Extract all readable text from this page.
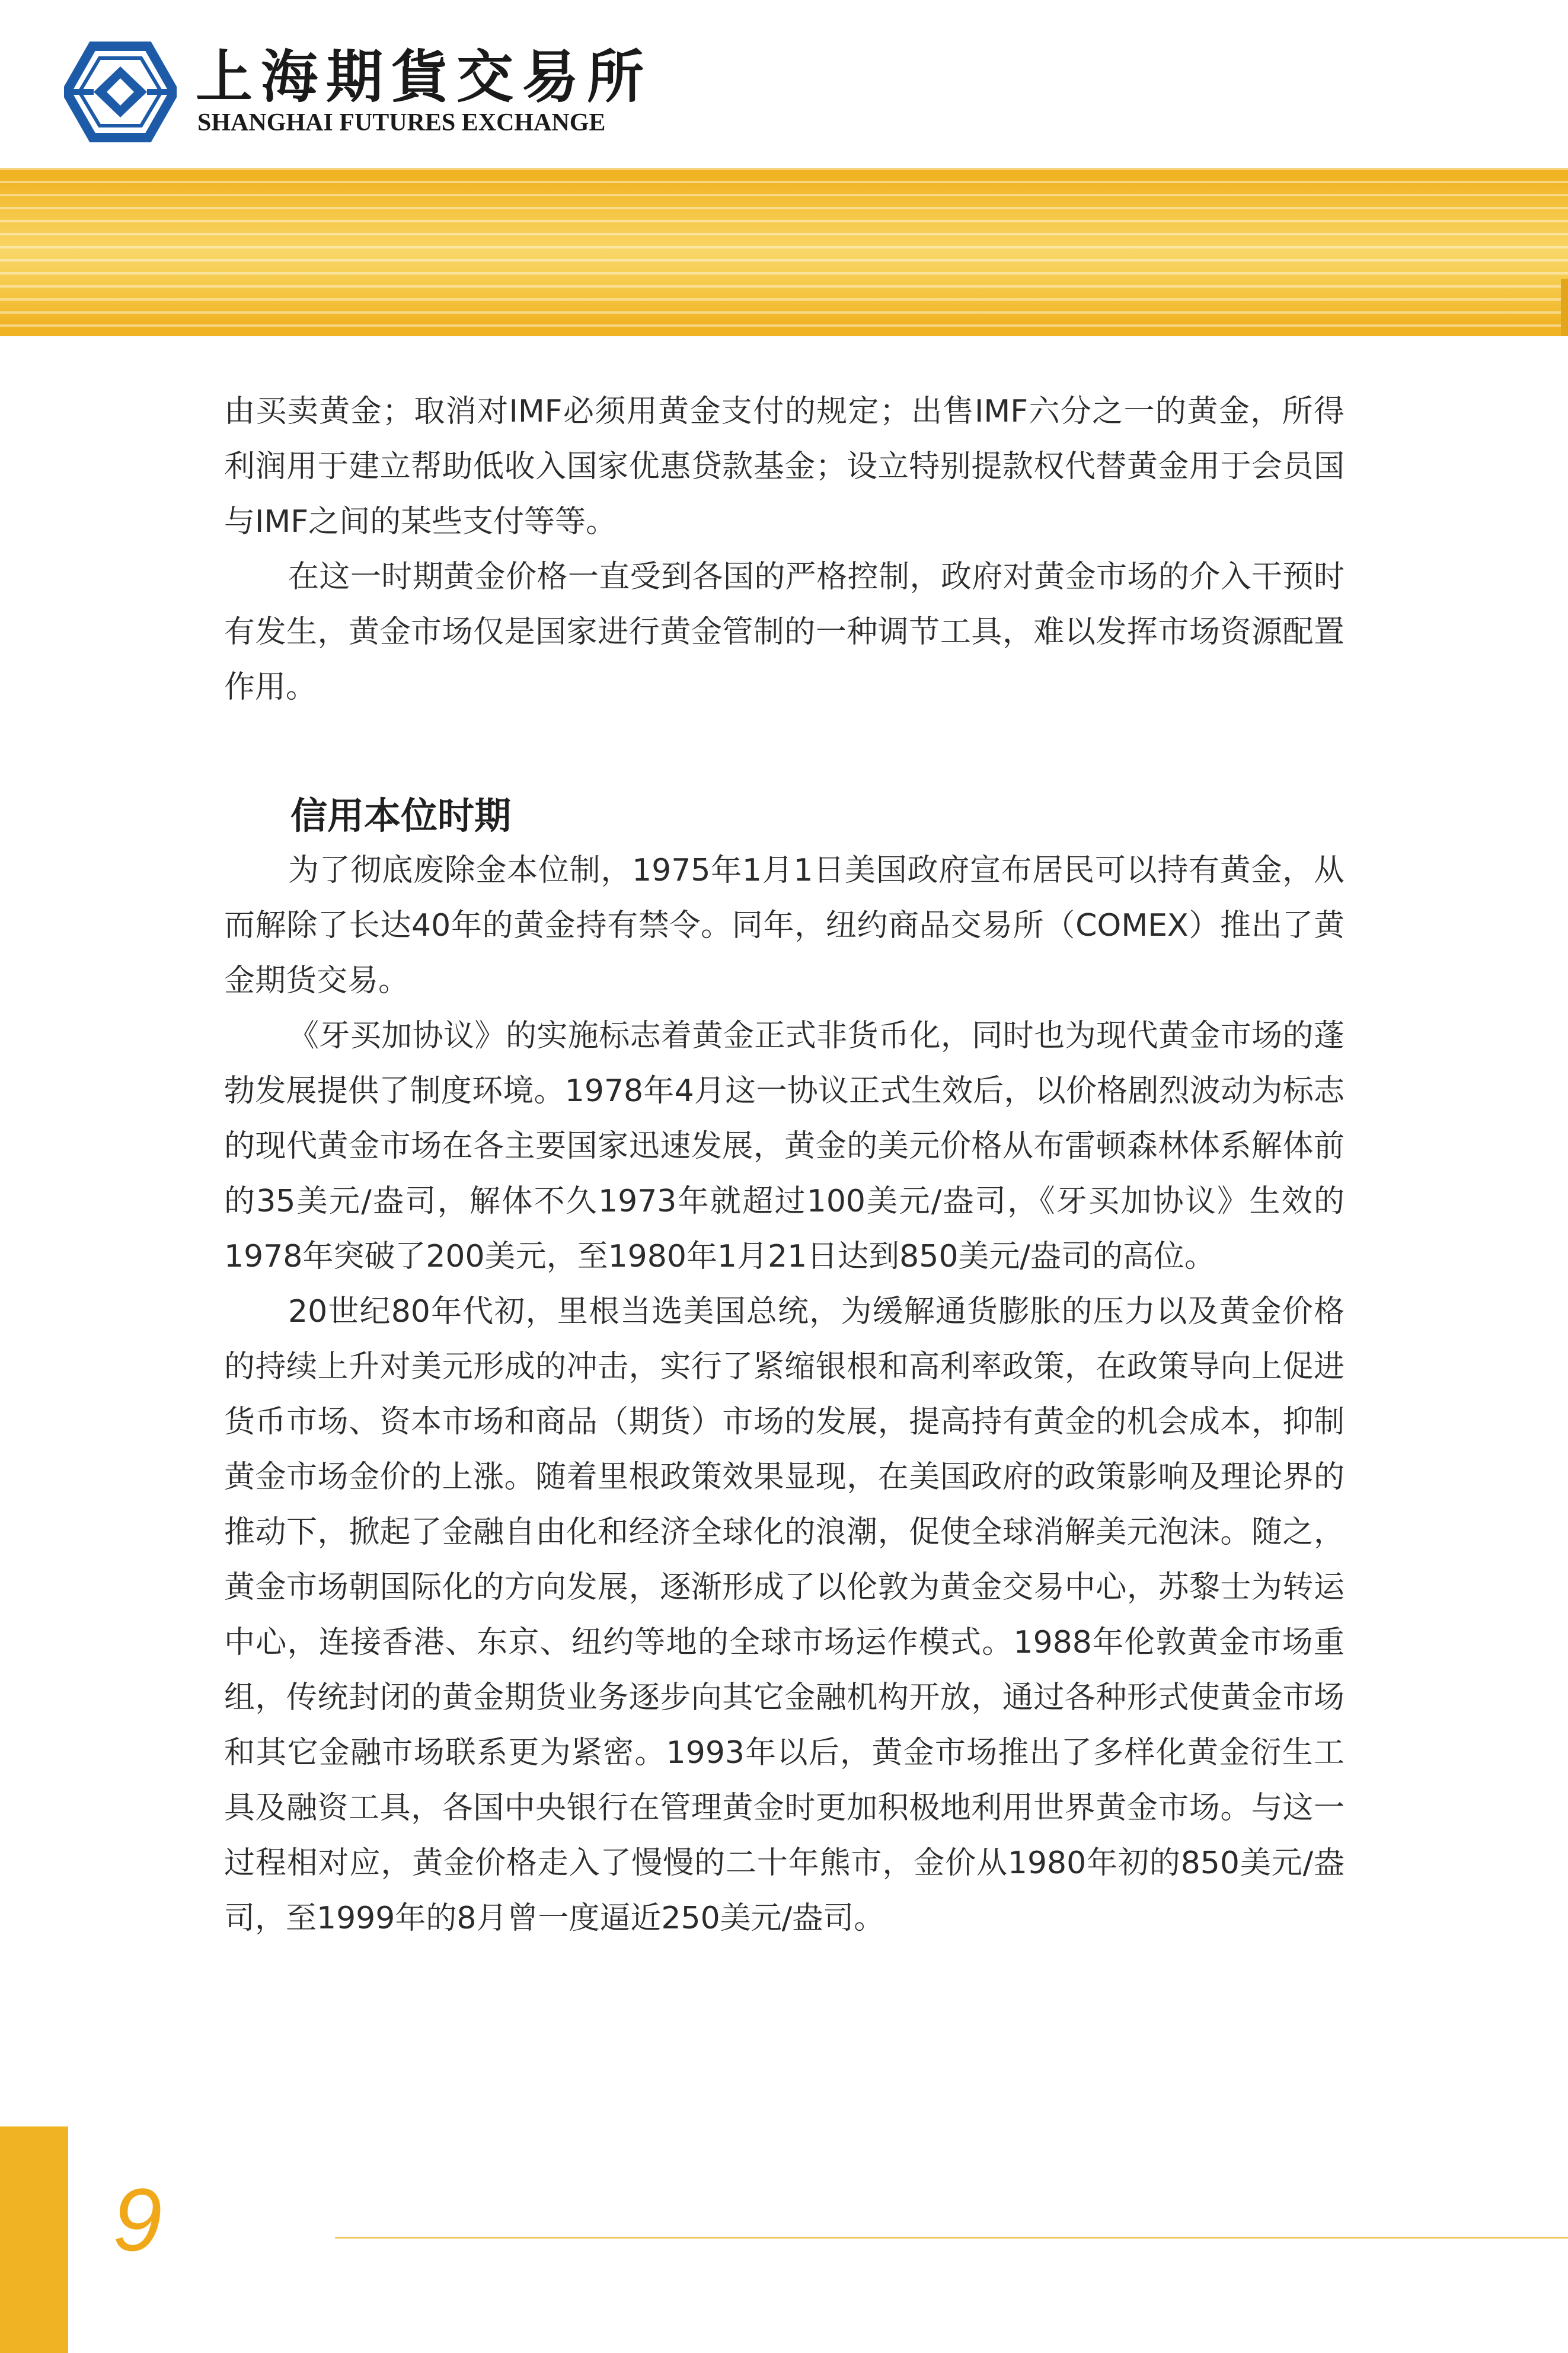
上海期貨交易所
SHANGHAI FUTURES EXCHANGE

由买卖黄金；取消对IMF必须用黄金支付的规定；出售IMF六分之一的黄金，所得利润用于建立帮助低收入国家优惠贷款基金；设立特别提款权代替黄金用于会员国与IMF之间的某些支付等等。

在这一时期黄金价格一直受到各国的严格控制，政府对黄金市场的介入干预时有发生，黄金市场仅是国家进行黄金管制的一种调节工具，难以发挥市场资源配置作用。

信用本位时期

为了彻底废除金本位制，1975年1月1日美国政府宣布居民可以持有黄金，从而解除了长达40年的黄金持有禁令。同年，纽约商品交易所（COMEX）推出了黄金期货交易。

《牙买加协议》的实施标志着黄金正式非货币化，同时也为现代黄金市场的蓬勃发展提供了制度环境。1978年4月这一协议正式生效后，以价格剧烈波动为标志的现代黄金市场在各主要国家迅速发展，黄金的美元价格从布雷顿森林体系解体前的35美元/盎司，解体不久1973年就超过100美元/盎司，《牙买加协议》生效的1978年突破了200美元，至1980年1月21日达到850美元/盎司的高位。

20世纪80年代初，里根当选美国总统，为缓解通货膨胀的压力以及黄金价格的持续上升对美元形成的冲击，实行了紧缩银根和高利率政策，在政策导向上促进货币市场、资本市场和商品（期货）市场的发展，提高持有黄金的机会成本，抑制黄金市场金价的上涨。随着里根政策效果显现，在美国政府的政策影响及理论界的推动下，掀起了金融自由化和经济全球化的浪潮，促使全球消解美元泡沫。随之，黄金市场朝国际化的方向发展，逐渐形成了以伦敦为黄金交易中心，苏黎士为转运中心，连接香港、东京、纽约等地的全球市场运作模式。1988年伦敦黄金市场重组，传统封闭的黄金期货业务逐步向其它金融机构开放，通过各种形式使黄金市场和其它金融市场联系更为紧密。1993年以后，黄金市场推出了多样化黄金衍生工具及融资工具，各国中央银行在管理黄金时更加积极地利用世界黄金市场。与这一过程相对应，黄金价格走入了慢慢的二十年熊市，金价从1980年初的850美元/盎司，至1999年的8月曾一度逼近250美元/盎司。

9
